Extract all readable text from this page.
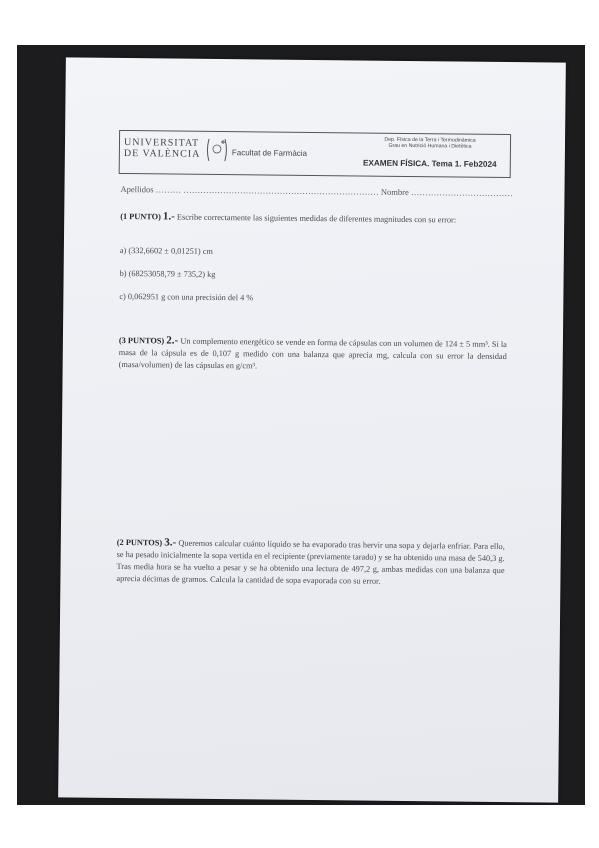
UNIVERSITAT DE VALÈNCIA	Facultat de Farmàcia
Dep. Física de la Terra i Termodinàmica
Grau en Nutrició Humana i Dietètica
EXAMEN FÍSICA. Tema 1. Feb2024
Apellidos ……… …………………………………………………………… Nombre ………………………………
(1 PUNTO) 1.- Escribe correctamente las siguientes medidas de diferentes magnitudes con su error:
a) (332,6602 ± 0,01251) cm
b) (68253058,79 ± 735,2) kg
c) 0,062951 g con una precisión del 4 %
(3 PUNTOS) 2.- Un complemento energético se vende en forma de cápsulas con un volumen de 124 ± 5 mm³. Si la masa de la cápsula es de 0,107 g medido con una balanza que aprecia mg, calcula con su error la densidad (masa/volumen) de las cápsulas en g/cm³.
(2 PUNTOS) 3.- Queremos calcular cuánto líquido se ha evaporado tras hervir una sopa y dejarla enfriar. Para ello, se ha pesado inicialmente la sopa vertida en el recipiente (previamente tarado) y se ha obtenido una masa de 540,3 g. Tras media hora se ha vuelto a pesar y se ha obtenido una lectura de 497,2 g, ambas medidas con una balanza que aprecia décimas de gramos. Calcula la cantidad de sopa evaporada con su error.
